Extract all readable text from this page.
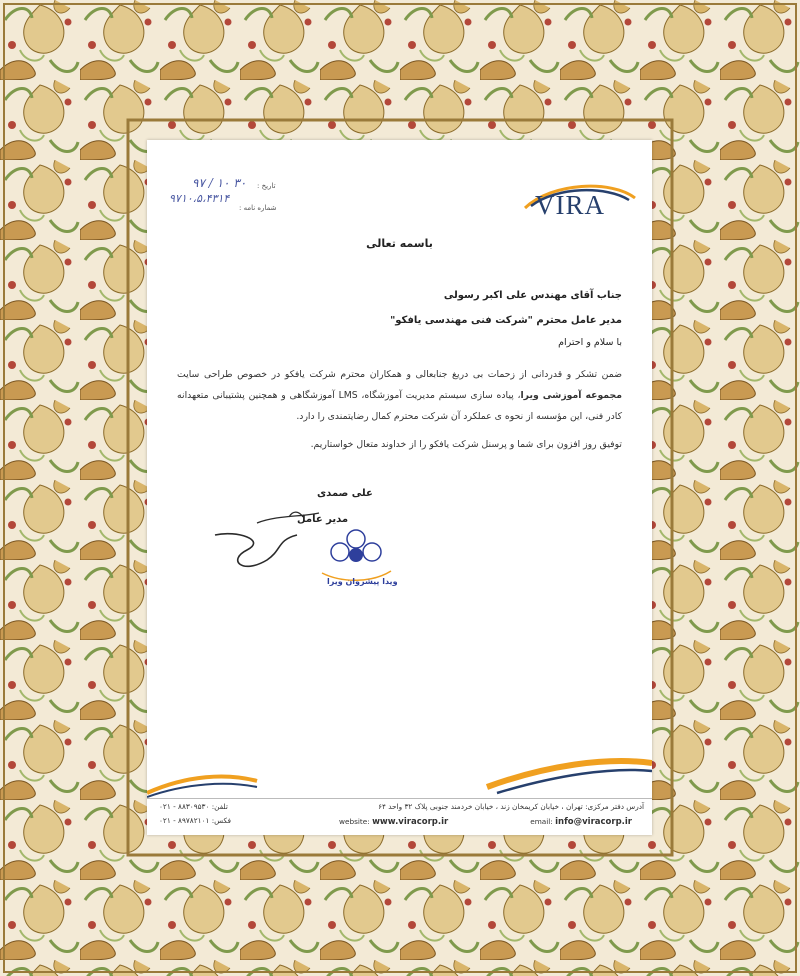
VIRA
تاریخ :
۳۰ ۱۰ / ۹۷
شماره نامه :
۹۷۱۰،۵،۴۳۱۴
باسمه تعالی
جناب آقای مهندس علی اکبر رسولی
مدیر عامل محترم "شرکت فنی مهندسی یافکو"
با سلام و احترام
ضمن تشکر و قدردانی از زحمات بی دریغ جنابعالی و همکاران محترم شرکت یافکو در خصوص طراحی سایت مجموعه آموزشی ویرا، پیاده سازی سیستم مدیریت آموزشگاه، LMS آموزشگاهی و همچنین پشتیبانی متعهدانه کادر فنی، این مؤسسه از نحوه ی عملکرد آن شرکت محترم کمال رضایتمندی را دارد.
توفیق روز افزون برای شما و پرسنل شرکت یافکو را از خداوند متعال خواستاریم.
علی صمدی
مدیر عامل
ویدا پیشروان ویرا
آدرس دفتر مرکزی: تهران ، خیابان کریمخان زند ، خیابان خردمند جنوبی پلاک ۳۲ واحد ۶۴
تلفن: ۸۸۳۰۹۵۳۰ - ۰۲۱
فکس: ۸۹۷۸۲۱۰۱ - ۰۲۱	website: www.viracorp.ir	email: info@viracorp.ir
